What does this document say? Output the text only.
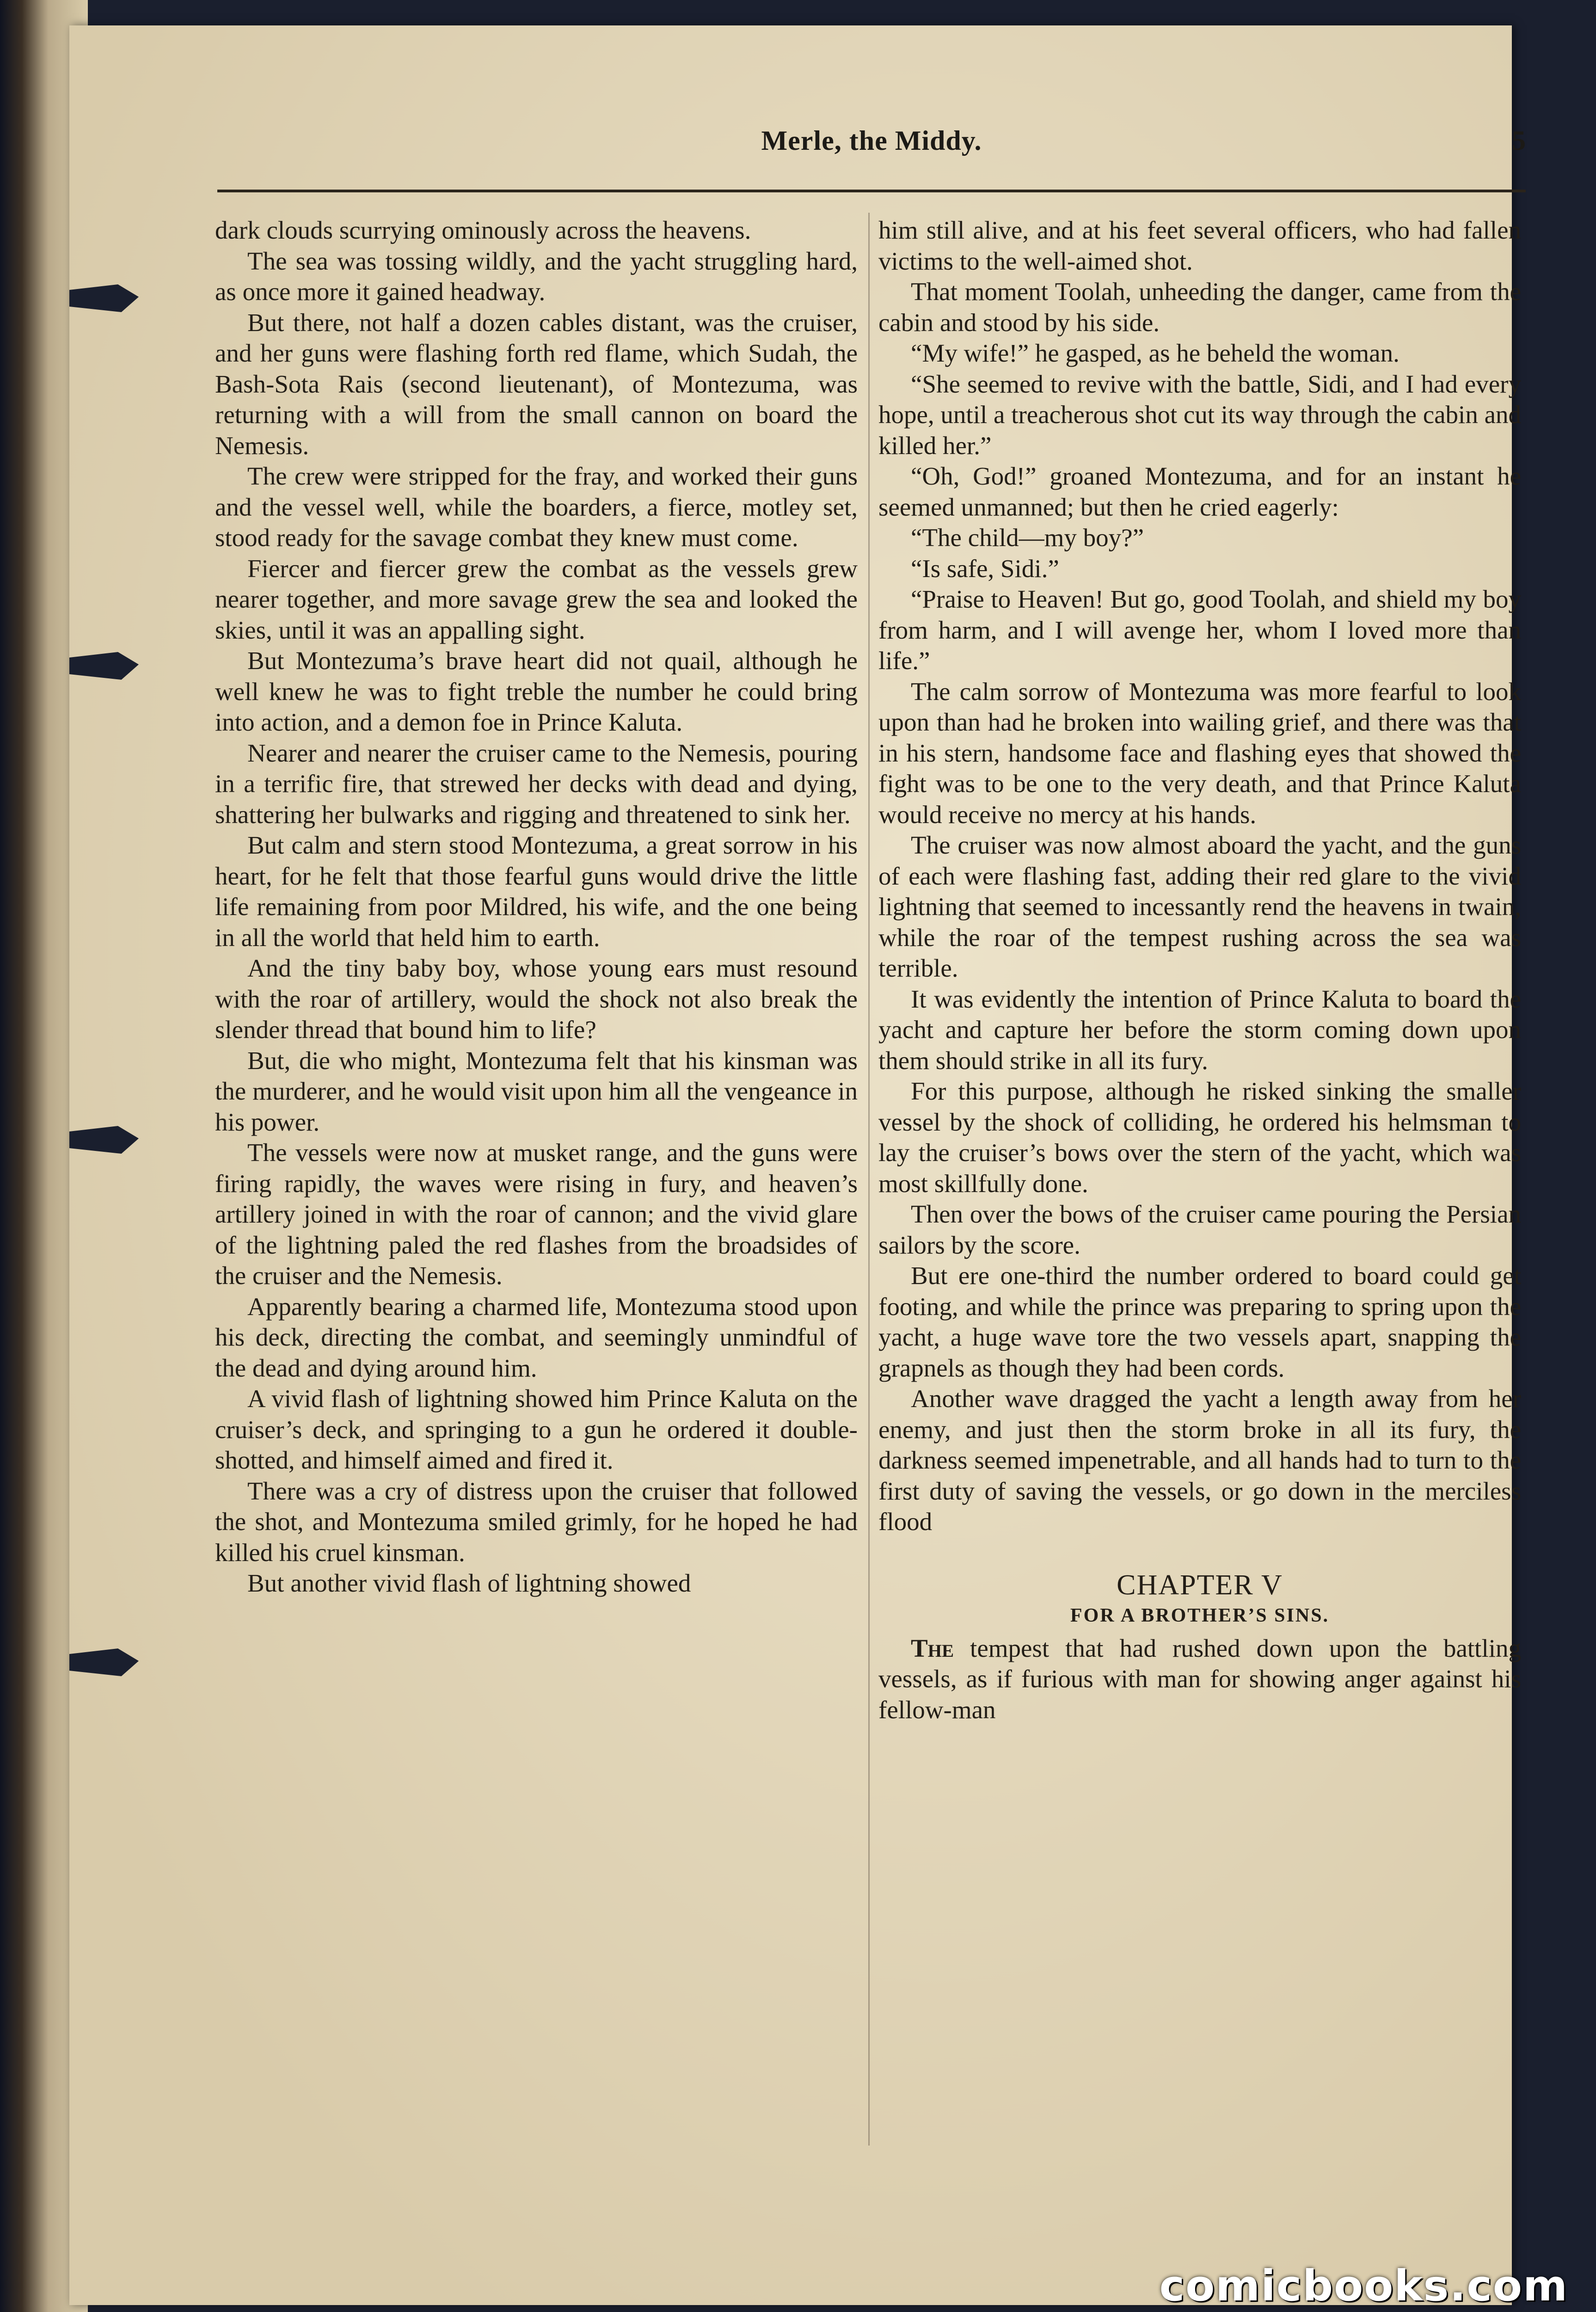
Merle, the Middy.	5

dark clouds scurrying ominously across the heavens.

The sea was tossing wildly, and the yacht struggling hard, as once more it gained headway.

But there, not half a dozen cables distant, was the cruiser, and her guns were flashing forth red flame, which Sudah, the Bash-Sota Rais (second lieutenant), of Montezuma, was returning with a will from the small cannon on board the Nemesis.

The crew were stripped for the fray, and worked their guns and the vessel well, while the boarders, a fierce, motley set, stood ready for the savage combat they knew must come.

Fiercer and fiercer grew the combat as the vessels grew nearer together, and more savage grew the sea and looked the skies, until it was an appalling sight.

But Montezuma’s brave heart did not quail, although he well knew he was to fight treble the number he could bring into action, and a demon foe in Prince Kaluta.

Nearer and nearer the cruiser came to the Nemesis, pouring in a terrific fire, that strewed her decks with dead and dying, shattering her bulwarks and rigging and threatened to sink her.

But calm and stern stood Montezuma, a great sorrow in his heart, for he felt that those fearful guns would drive the little life remaining from poor Mildred, his wife, and the one being in all the world that held him to earth.

And the tiny baby boy, whose young ears must resound with the roar of artillery, would the shock not also break the slender thread that bound him to life?

But, die who might, Montezuma felt that his kinsman was the murderer, and he would visit upon him all the vengeance in his power.

The vessels were now at musket range, and the guns were firing rapidly, the waves were rising in fury, and heaven’s artillery joined in with the roar of cannon; and the vivid glare of the lightning paled the red flashes from the broadsides of the cruiser and the Nemesis.

Apparently bearing a charmed life, Montezuma stood upon his deck, directing the combat, and seemingly unmindful of the dead and dying around him.

A vivid flash of lightning showed him Prince Kaluta on the cruiser’s deck, and springing to a gun he ordered it double-shotted, and himself aimed and fired it.

There was a cry of distress upon the cruiser that followed the shot, and Montezuma smiled grimly, for he hoped he had killed his cruel kinsman.

But another vivid flash of lightning showed

him still alive, and at his feet several officers, who had fallen victims to the well-aimed shot.

That moment Toolah, unheeding the danger, came from the cabin and stood by his side.

“My wife!” he gasped, as he beheld the woman.

“She seemed to revive with the battle, Sidi, and I had every hope, until a treacherous shot cut its way through the cabin and killed her.”

“Oh, God!” groaned Montezuma, and for an instant he seemed unmanned; but then he cried eagerly:

“The child—my boy?”

“Is safe, Sidi.”

“Praise to Heaven! But go, good Toolah, and shield my boy from harm, and I will avenge her, whom I loved more than life.”

The calm sorrow of Montezuma was more fearful to look upon than had he broken into wailing grief, and there was that in his stern, handsome face and flashing eyes that showed the fight was to be one to the very death, and that Prince Kaluta would receive no mercy at his hands.

The cruiser was now almost aboard the yacht, and the guns of each were flashing fast, adding their red glare to the vivid lightning that seemed to incessantly rend the heavens in twain, while the roar of the tempest rushing across the sea was terrible.

It was evidently the intention of Prince Kaluta to board the yacht and capture her before the storm coming down upon them should strike in all its fury.

For this purpose, although he risked sinking the smaller vessel by the shock of colliding, he ordered his helmsman to lay the cruiser’s bows over the stern of the yacht, which was most skillfully done.

Then over the bows of the cruiser came pouring the Persian sailors by the score.

But ere one-third the number ordered to board could get footing, and while the prince was preparing to spring upon the yacht, a huge wave tore the two vessels apart, snapping the grapnels as though they had been cords.

Another wave dragged the yacht a length away from her enemy, and just then the storm broke in all its fury, the darkness seemed impenetrable, and all hands had to turn to the first duty of saving the vessels, or go down in the merciless flood

CHAPTER V
FOR A BROTHER’S SINS.

The tempest that had rushed down upon the battling vessels, as if furious with man for showing anger against his fellow-man

comicbooks.com
